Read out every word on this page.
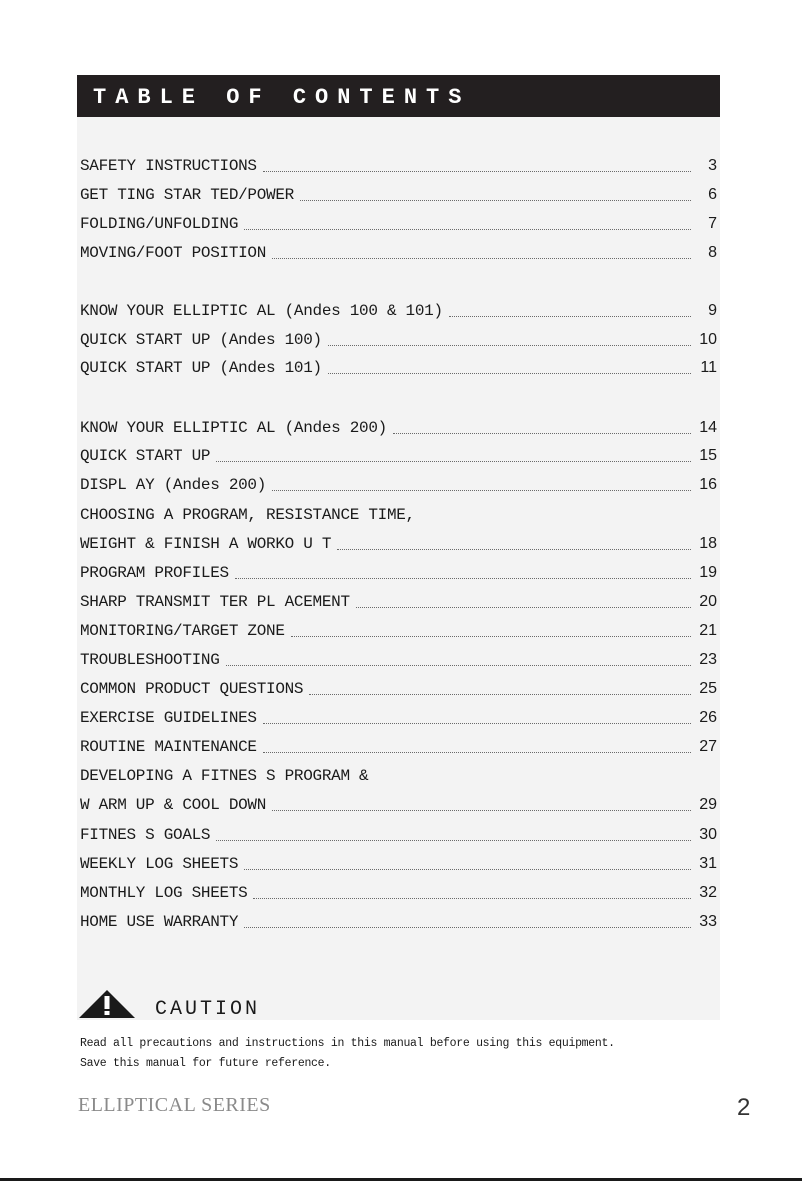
TABLE OF CONTENTS
SAFETY INSTRUCTIONS	3
GET TING STAR TED/POWER	6
FOLDING/UNFOLDING	7
MOVING/FOOT POSITION	8
KNOW YOUR ELLIPTIC AL (Andes 100 & 101)	9
QUICK START UP (Andes 100)	10
QUICK START UP (Andes 101)	11
KNOW YOUR ELLIPTIC AL (Andes 200)	14
QUICK START UP	15
DISPL AY (Andes 200)	16
CHOOSING A PROGRAM, RESISTANCE TIME,
WEIGHT & FINISH A WORKO U T	18
PROGRAM PROFILES	19
SHARP TRANSMIT TER PL ACEMENT	20
MONITORING/TARGET ZONE	21
TROUBLESHOOTING	23
COMMON PRODUCT QUESTIONS	25
EXERCISE GUIDELINES	26
ROUTINE MAINTENANCE	27
DEVELOPING A FITNES S PROGRAM &
W ARM UP & COOL DOWN	29
FITNES S GOALS	30
WEEKLY LOG SHEETS	31
MONTHLY LOG SHEETS	32
HOME USE WARRANTY	33
CAUTION
Read all precautions and instructions in this manual before using this equipment.
Save this manual for future reference.
ELLIPTICAL SERIES	2
